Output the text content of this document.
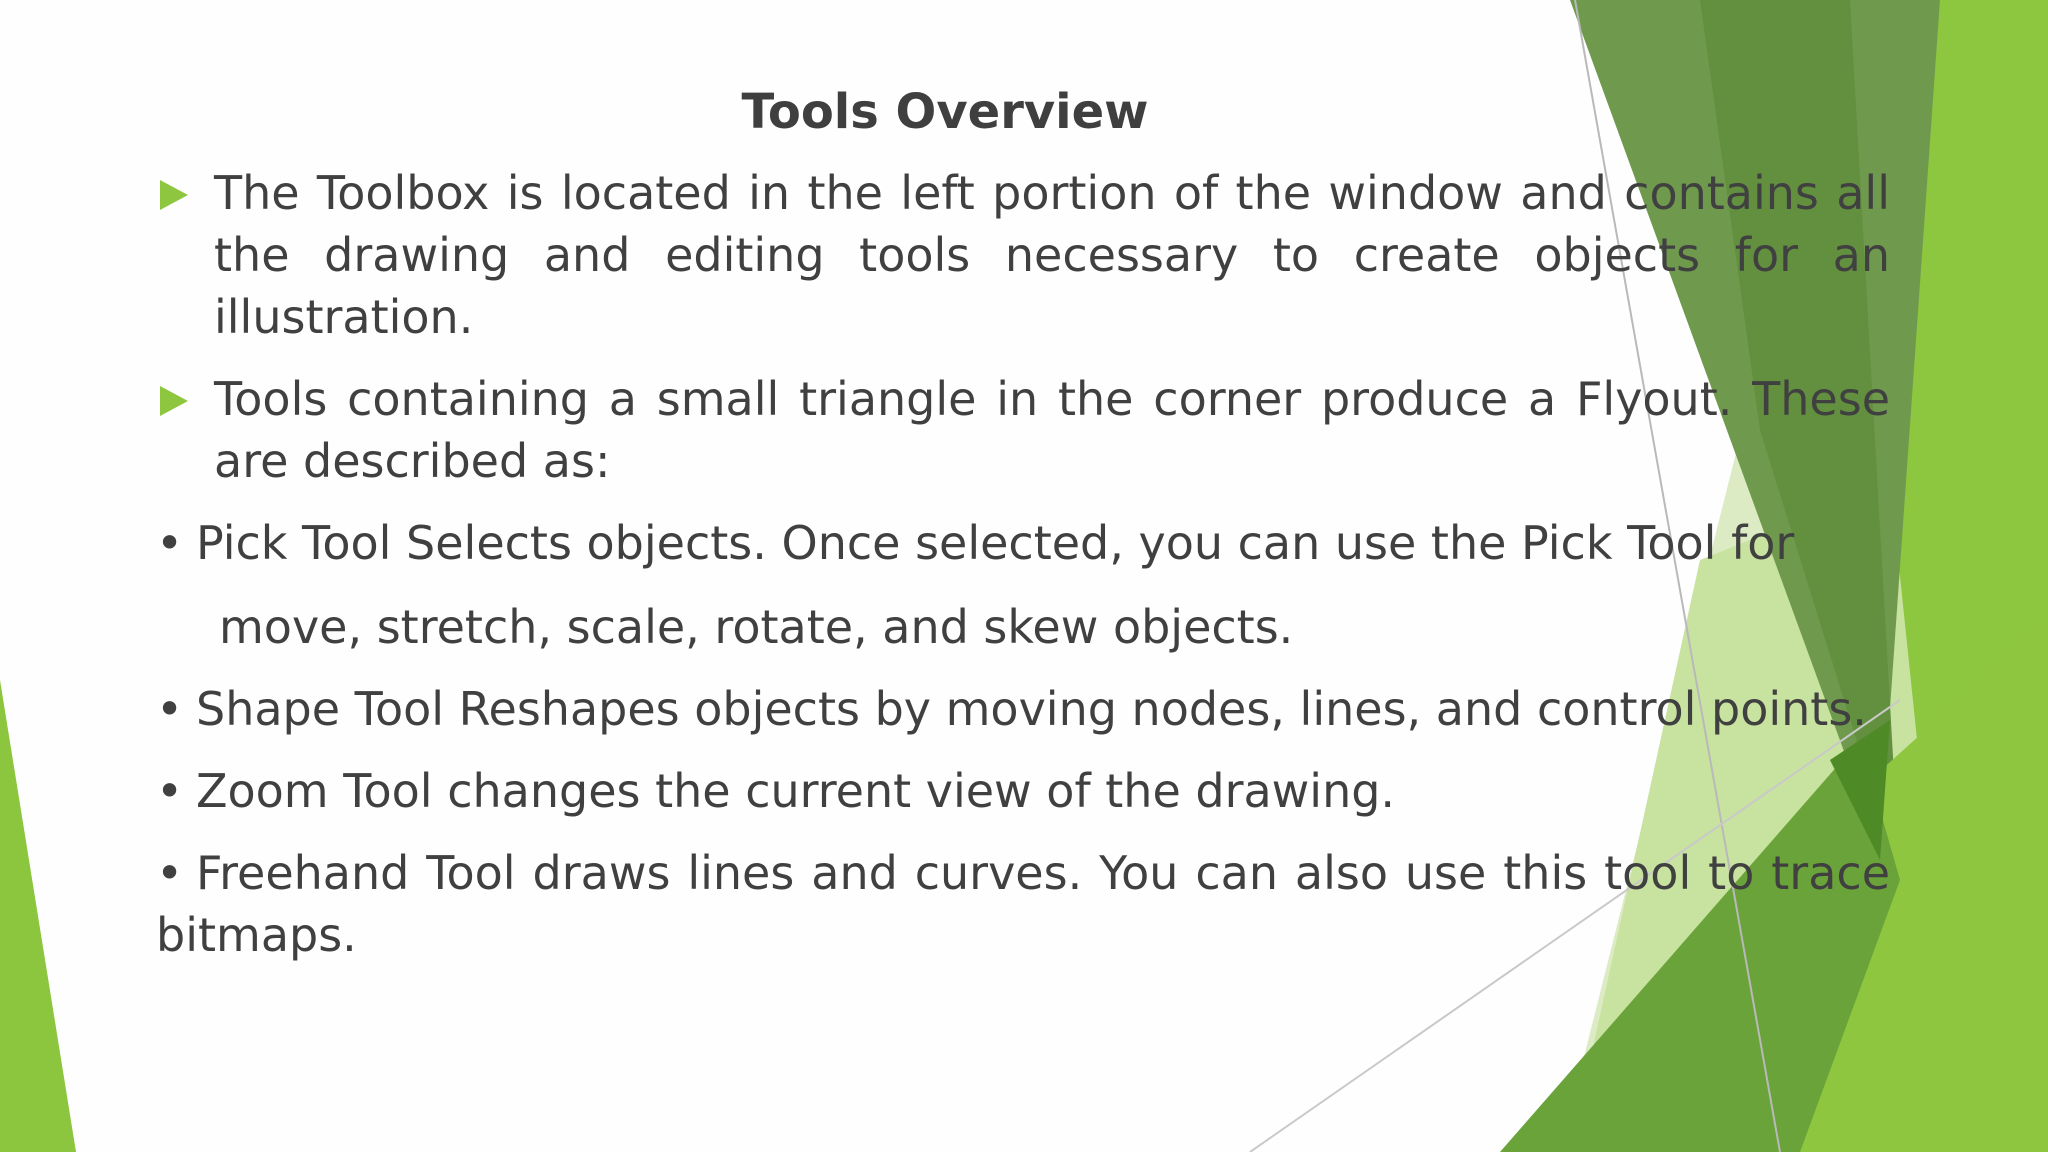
Tools Overview
The Toolbox is located in the left portion of the window and contains all the drawing and editing tools necessary to create objects for an illustration.
Tools containing a small triangle in the corner produce a Flyout. These are described as:
• Pick Tool Selects objects. Once selected, you can use the Pick Tool for
move, stretch, scale, rotate, and skew objects.
• Shape Tool Reshapes objects by moving nodes, lines, and control points.
• Zoom Tool changes the current view of the drawing.
• Freehand Tool draws lines and curves. You can also use this tool to trace bitmaps.
